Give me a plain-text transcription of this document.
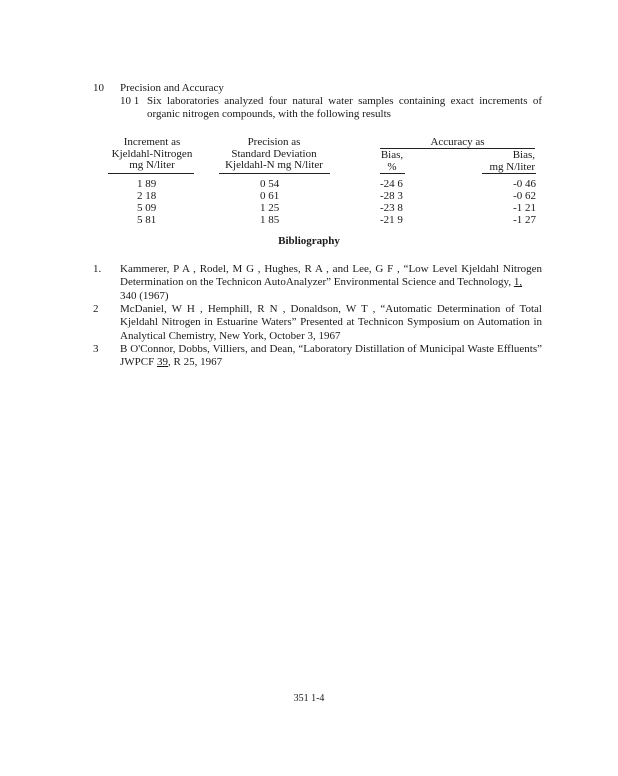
10 Precision and Accuracy
10 1 Six laboratories analyzed four natural water samples containing exact increments of organic nitrogen compounds, with the following results
Increment as
Kjeldahl-Nitrogen
mg N/liter
Precision as
Standard Deviation
Kjeldahl-N mg N/liter
Accuracy as
Bias,
%
Bias,
mg N/liter
1 89
2 18
5 09
5 81
0 54
0 61
1 25
1 85
-24 6
-28 3
-23 8
-21 9
-0 46
-0 62
-1 21
-1 27
Bibliography
1. Kammerer, P A , Rodel, M G , Hughes, R A , and Lee, G F , “Low Level Kjeldahl Nitrogen Determination on the Technicon AutoAnalyzer” Environmental Science and Technology, 1,
340 (1967)
2 McDaniel, W H , Hemphill, R N , Donaldson, W T , “Automatic Determination of Total Kjeldahl Nitrogen in Estuarine Waters” Presented at Technicon Symposium on Automation in Analytical Chemistry, New York, October 3, 1967
3 B O'Connor, Dobbs, Villiers, and Dean, “Laboratory Distillation of Municipal Waste Effluents” JWPCF 39, R 25, 1967
351 1-4
